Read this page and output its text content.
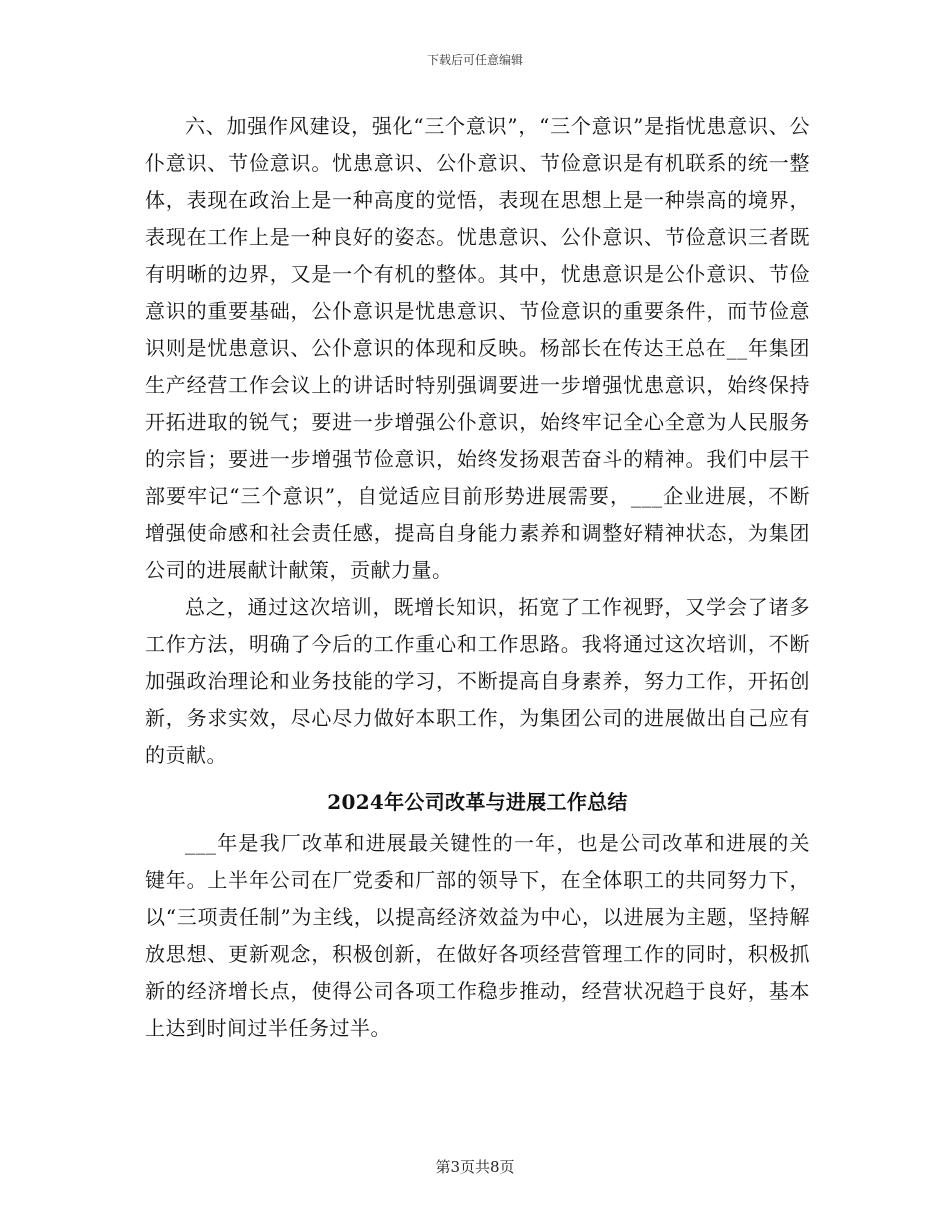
下载后可任意编辑

六、加强作风建设，强化“三个意识”，“三个意识”是指忧患意识、公仆意识、节俭意识。忧患意识、公仆意识、节俭意识是有机联系的统一整体，表现在政治上是一种高度的觉悟，表现在思想上是一种崇高的境界，表现在工作上是一种良好的姿态。忧患意识、公仆意识、节俭意识三者既有明晰的边界，又是一个有机的整体。其中，忧患意识是公仆意识、节俭意识的重要基础，公仆意识是忧患意识、节俭意识的重要条件，而节俭意识则是忧患意识、公仆意识的体现和反映。杨部长在传达王总在__年集团生产经营工作会议上的讲话时特别强调要进一步增强忧患意识，始终保持开拓进取的锐气；要进一步增强公仆意识，始终牢记全心全意为人民服务的宗旨；要进一步增强节俭意识，始终发扬艰苦奋斗的精神。我们中层干部要牢记“三个意识”，自觉适应目前形势进展需要，___企业进展，不断增强使命感和社会责任感，提高自身能力素养和调整好精神状态，为集团公司的进展献计献策，贡献力量。

总之，通过这次培训，既增长知识，拓宽了工作视野，又学会了诸多工作方法，明确了今后的工作重心和工作思路。我将通过这次培训，不断加强政治理论和业务技能的学习，不断提高自身素养，努力工作，开拓创新，务求实效，尽心尽力做好本职工作，为集团公司的进展做出自己应有的贡献。

2024年公司改革与进展工作总结

___年是我厂改革和进展最关键性的一年，也是公司改革和进展的关键年。上半年公司在厂党委和厂部的领导下，在全体职工的共同努力下，以“三项责任制”为主线，以提高经济效益为中心，以进展为主题，坚持解放思想、更新观念，积极创新，在做好各项经营管理工作的同时，积极抓新的经济增长点，使得公司各项工作稳步推动，经营状况趋于良好，基本上达到时间过半任务过半。

第3页共8页
